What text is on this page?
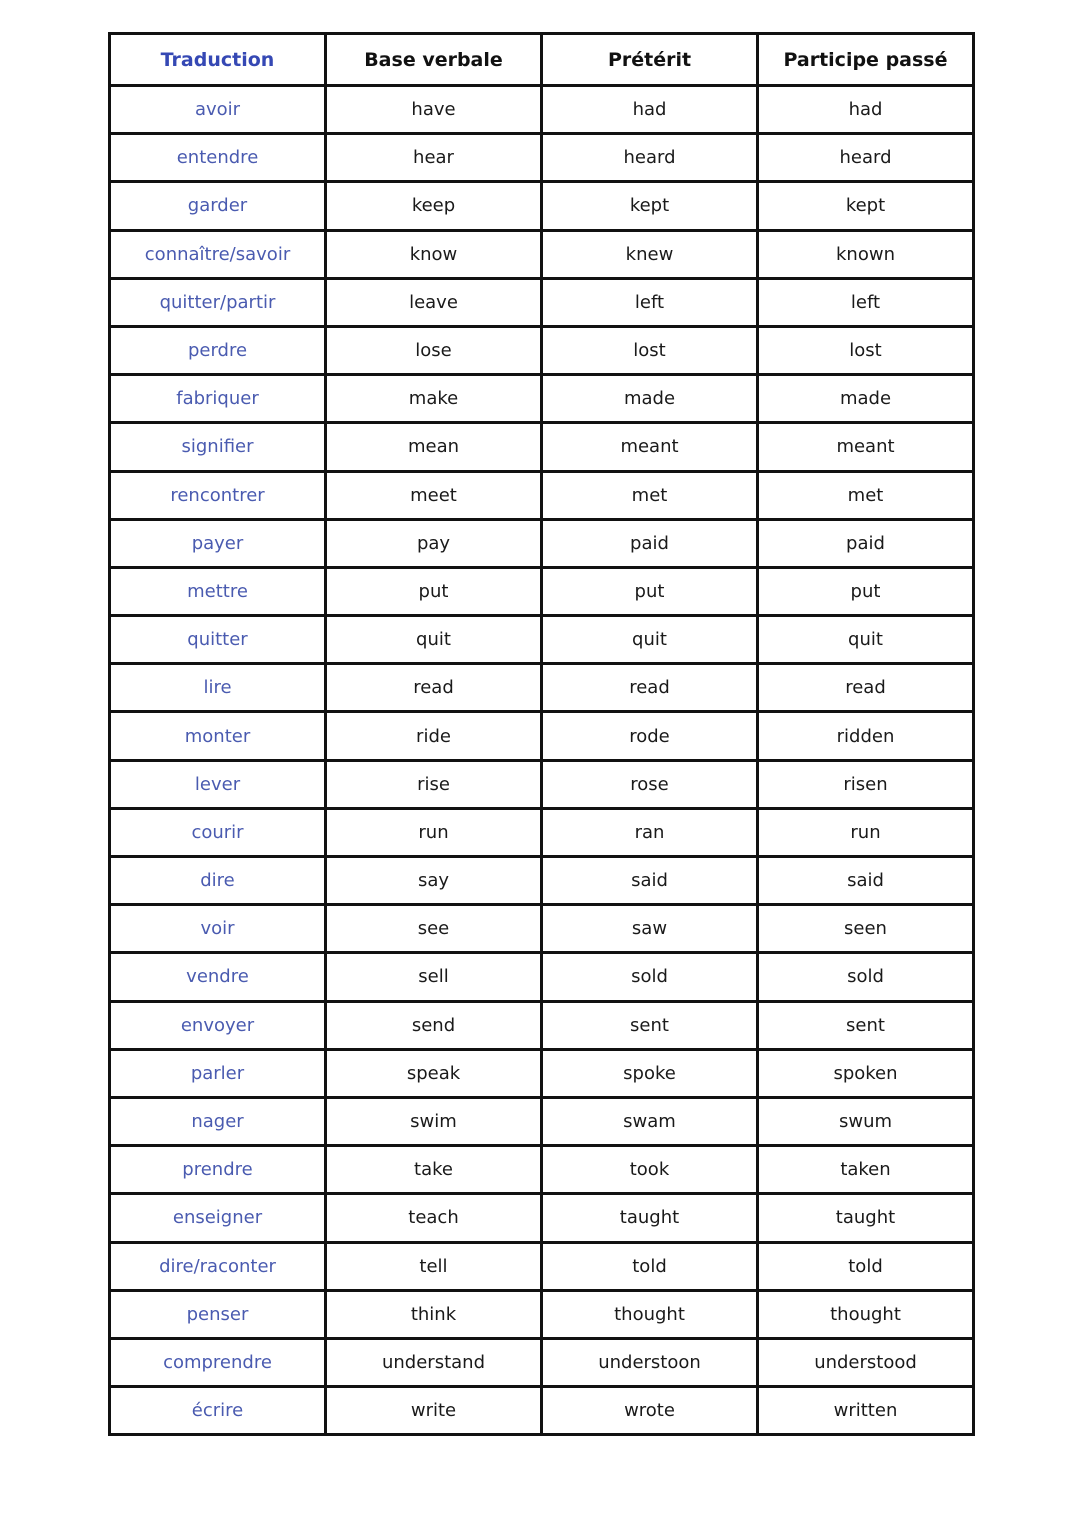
Traduction	Base verbale	Prétérit	Participe passé
avoir	have	had	had
entendre	hear	heard	heard
garder	keep	kept	kept
connaître/savoir	know	knew	known
quitter/partir	leave	left	left
perdre	lose	lost	lost
fabriquer	make	made	made
signifier	mean	meant	meant
rencontrer	meet	met	met
payer	pay	paid	paid
mettre	put	put	put
quitter	quit	quit	quit
lire	read	read	read
monter	ride	rode	ridden
lever	rise	rose	risen
courir	run	ran	run
dire	say	said	said
voir	see	saw	seen
vendre	sell	sold	sold
envoyer	send	sent	sent
parler	speak	spoke	spoken
nager	swim	swam	swum
prendre	take	took	taken
enseigner	teach	taught	taught
dire/raconter	tell	told	told
penser	think	thought	thought
comprendre	understand	understoon	understood
écrire	write	wrote	written
